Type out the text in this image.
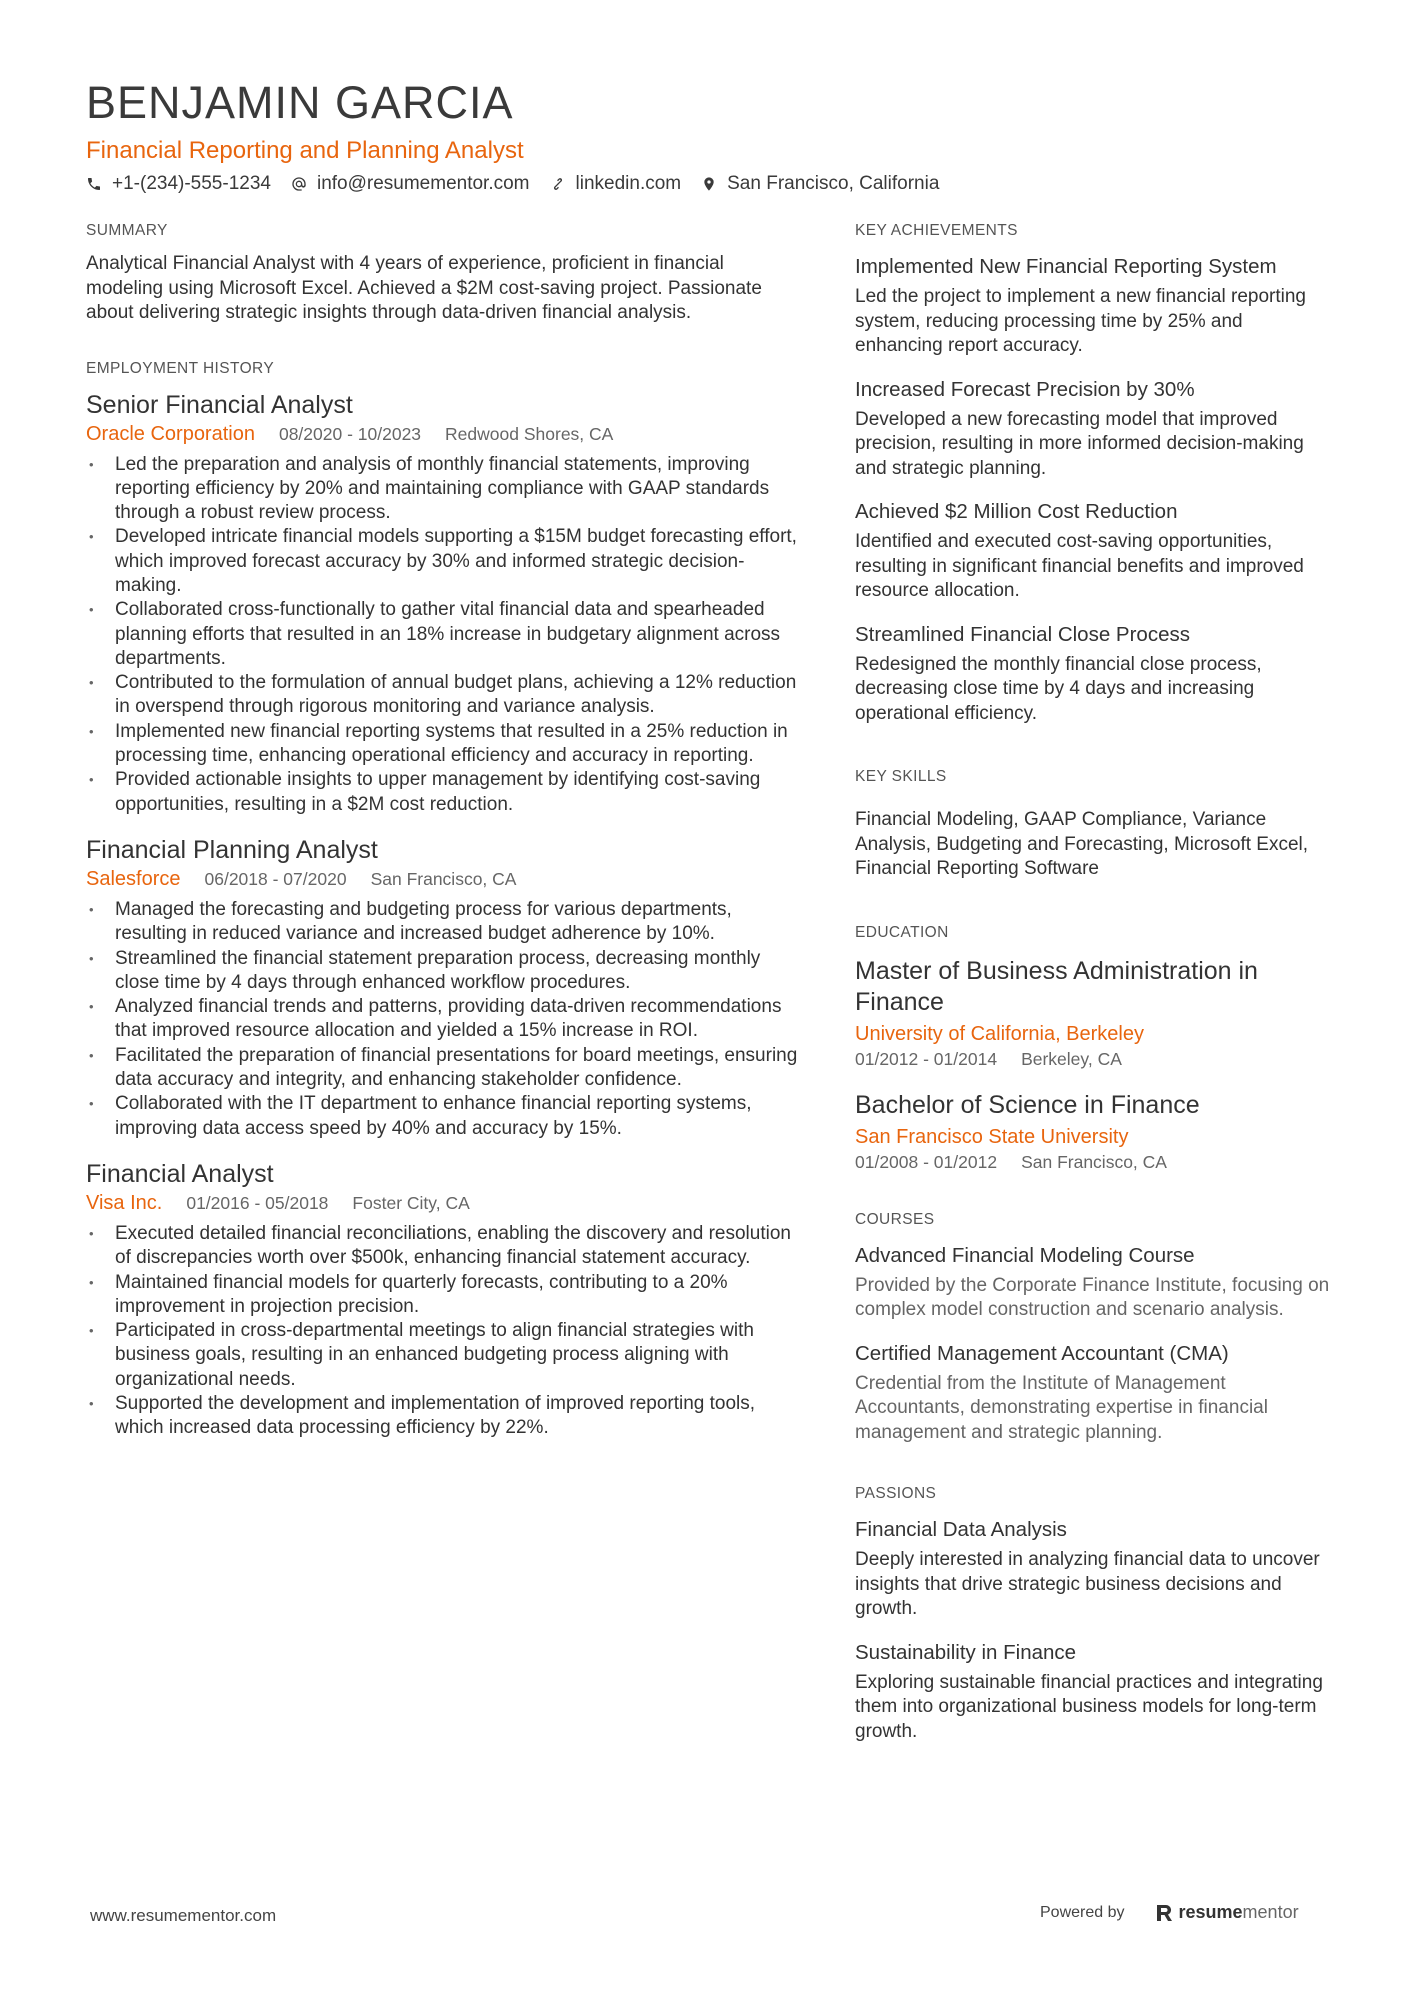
BENJAMIN GARCIA
Financial Reporting and Planning Analyst
+1-(234)-555-1234 info@resumementor.com linkedin.com San Francisco, California
SUMMARY

Analytical Financial Analyst with 4 years of experience, proficient in financial modeling using Microsoft Excel. Achieved a $2M cost-saving project. Passionate about delivering strategic insights through data-driven financial analysis.

EMPLOYMENT HISTORY
Senior Financial Analyst
Oracle Corporation 08/2020 - 10/2023 Redwood Shores, CA
• Led the preparation and analysis of monthly financial statements, improving reporting efficiency by 20% and maintaining compliance with GAAP standards through a robust review process.
• Developed intricate financial models supporting a $15M budget forecasting effort, which improved forecast accuracy by 30% and informed strategic decision-making.
• Collaborated cross-functionally to gather vital financial data and spearheaded planning efforts that resulted in an 18% increase in budgetary alignment across departments.
• Contributed to the formulation of annual budget plans, achieving a 12% reduction in overspend through rigorous monitoring and variance analysis.
• Implemented new financial reporting systems that resulted in a 25% reduction in processing time, enhancing operational efficiency and accuracy in reporting.
• Provided actionable insights to upper management by identifying cost-saving opportunities, resulting in a $2M cost reduction.
Financial Planning Analyst
Salesforce 06/2018 - 07/2020 San Francisco, CA
• Managed the forecasting and budgeting process for various departments, resulting in reduced variance and increased budget adherence by 10%.
• Streamlined the financial statement preparation process, decreasing monthly close time by 4 days through enhanced workflow procedures.
• Analyzed financial trends and patterns, providing data-driven recommendations that improved resource allocation and yielded a 15% increase in ROI.
• Facilitated the preparation of financial presentations for board meetings, ensuring data accuracy and integrity, and enhancing stakeholder confidence.
• Collaborated with the IT department to enhance financial reporting systems, improving data access speed by 40% and accuracy by 15%.
Financial Analyst
Visa Inc. 01/2016 - 05/2018 Foster City, CA
• Executed detailed financial reconciliations, enabling the discovery and resolution of discrepancies worth over $500k, enhancing financial statement accuracy.
• Maintained financial models for quarterly forecasts, contributing to a 20% improvement in projection precision.
• Participated in cross-departmental meetings to align financial strategies with business goals, resulting in an enhanced budgeting process aligning with organizational needs.
• Supported the development and implementation of improved reporting tools, which increased data processing efficiency by 22%.
KEY ACHIEVEMENTS
Implemented New Financial Reporting System

Led the project to implement a new financial reporting system, reducing processing time by 25% and enhancing report accuracy.

Increased Forecast Precision by 30%

Developed a new forecasting model that improved precision, resulting in more informed decision-making and strategic planning.

Achieved $2 Million Cost Reduction

Identified and executed cost-saving opportunities, resulting in significant financial benefits and improved resource allocation.

Streamlined Financial Close Process

Redesigned the monthly financial close process, decreasing close time by 4 days and increasing operational efficiency.

KEY SKILLS

Financial Modeling, GAAP Compliance, Variance Analysis, Budgeting and Forecasting, Microsoft Excel, Financial Reporting Software

EDUCATION
Master of Business Administration in Finance
University of California, Berkeley
01/2012 - 01/2014 Berkeley, CA
Bachelor of Science in Finance
San Francisco State University
01/2008 - 01/2012 San Francisco, CA
COURSES
Advanced Financial Modeling Course

Provided by the Corporate Finance Institute, focusing on complex model construction and scenario analysis.

Certified Management Accountant (CMA)

Credential from the Institute of Management Accountants, demonstrating expertise in financial management and strategic planning.

PASSIONS
Financial Data Analysis

Deeply interested in analyzing financial data to uncover insights that drive strategic business decisions and growth.

Sustainability in Finance

Exploring sustainable financial practices and integrating them into organizational business models for long-term growth.

www.resumementor.com	Powered by	resume mentor
